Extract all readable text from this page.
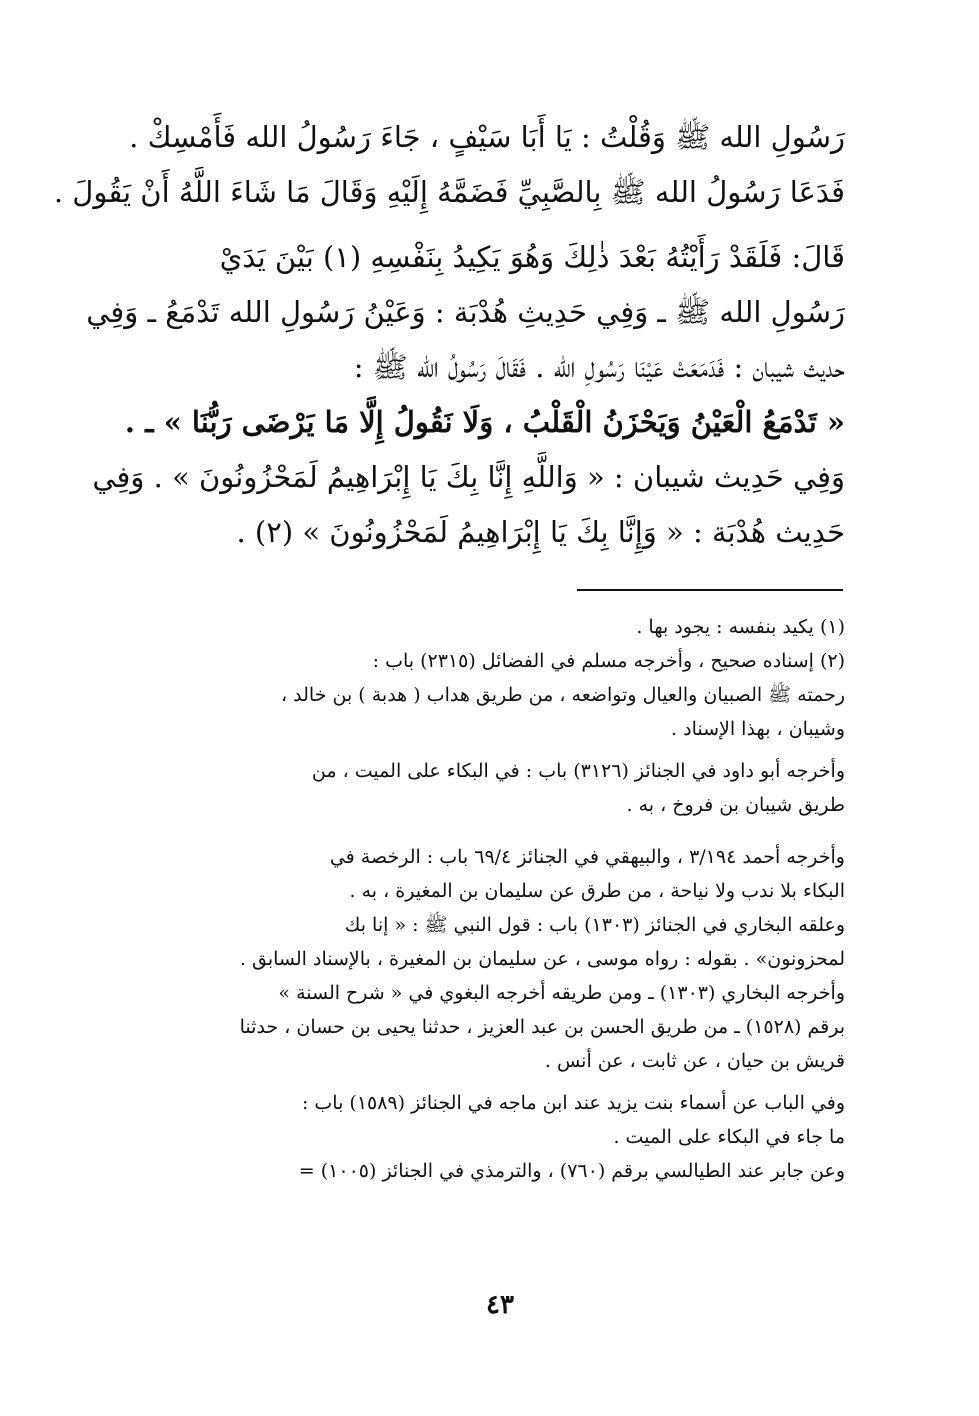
رَسُولِ الله ﷺ وَقُلْتُ : يَا أَبَا سَيْفٍ ، جَاءَ رَسُولُ الله فَأَمْسِكْ .
فَدَعَا رَسُولُ الله ﷺ بِالصَّبِيِّ فَضَمَّهُ إِلَيْهِ وَقَالَ مَا شَاءَ اللَّهُ أَنْ يَقُولَ .
قَالَ: فَلَقَدْ رَأَيْتُهُ بَعْدَ ذٰلِكَ وَهُوَ يَكِيدُ بِنَفْسِهِ (١) بَيْنَ يَدَيْ
رَسُولِ الله ﷺ ـ وَفِي حَدِيثِ هُدْبَة : وَعَيْنُ رَسُولِ الله تَدْمَعُ ـ وَفِي
حديث شيبان : فَدَمَعَتْ عَيْنَا رَسُولِ الله . فَقَالَ رَسُولُ الله ﷺ :
« تَدْمَعُ الْعَيْنُ وَيَحْزَنُ الْقَلْبُ ، وَلَا نَقُولُ إِلَّا مَا يَرْضَى رَبُّنَا » ـ .
وَفِي حَدِيث شيبان : « وَاللَّهِ إِنَّا بِكَ يَا إِبْرَاهِيمُ لَمَحْزُونُونَ » . وَفِي
حَدِيث هُدْبَة : « وَإِنَّا بِكَ يَا إِبْرَاهِيمُ لَمَحْزُونُونَ » (٢) .
(١) يكيد بنفسه : يجود بها .
(٢) إسناده صحيح ، وأخرجه مسلم في الفضائل (٢٣١٥) باب :
رحمته ﷺ الصبيان والعيال وتواضعه ، من طريق هداب ( هدبة ) بن خالد ،
وشيبان ، بهذا الإسناد .
وأخرجه أبو داود في الجنائز (٣١٢٦) باب : في البكاء على الميت ، من
طريق شيبان بن فروخ ، به .
وأخرجه أحمد ٣/١٩٤ ، والبيهقي في الجنائز ٦٩/٤ باب : الرخصة في
البكاء بلا ندب ولا نياحة ، من طرق عن سليمان بن المغيرة ، به .
وعلقه البخاري في الجنائز (١٣٠٣) باب : قول النبي ﷺ : « إنا بك
لمحزونون» . بقوله : رواه موسى ، عن سليمان بن المغيرة ، بالإسناد السابق .
وأخرجه البخاري (١٣٠٣) ـ ومن طريقه أخرجه البغوي في « شرح السنة »
برقم (١٥٢٨) ـ من طريق الحسن بن عبد العزيز ، حدثنا يحيى بن حسان ، حدثنا
قريش بن حيان ، عن ثابت ، عن أنس .
وفي الباب عن أسماء بنت يزيد عند ابن ماجه في الجنائز (١٥٨٩) باب :
ما جاء في البكاء على الميت .
وعن جابر عند الطيالسي برقم (٧٦٠) ، والترمذي في الجنائز (١٠٠٥) =
٤٣
